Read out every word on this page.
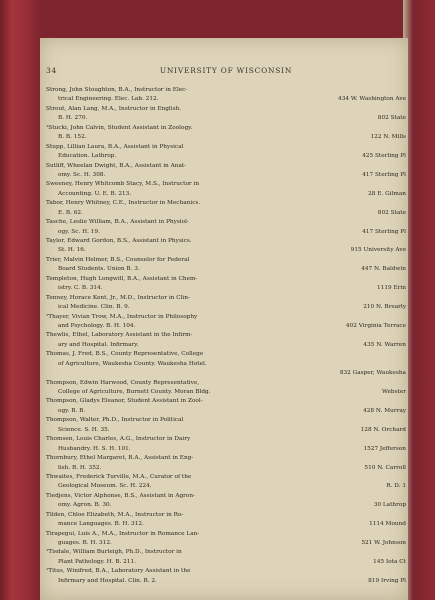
34	UNIVERSITY OF WISCONSIN
Strong, John Stoughton, B.A., Instructor in Elec-
trical Engineering. Elec. Lab. 212.	434 W. Washington Ave
Strout, Alan Lang, M.A., Instructor in English.
B. H. 270.	802 State
¹Stucki, John Calvin, Student Assistant in Zoology.
B. B. 152.	122 N. Mills
Stupp, Lillian Laura, B.A., Assistant in Physical
Education. Lathrop.	425 Sterling Pl
Sutliff, Wheelan Dwight, B.A., Assistant in Anat-
omy. Sc. H. 308.	417 Sterling Pl
Sweeney, Henry Whitcomb Stacy, M.S., Instructor in
Accounting. U. E. B. 213.	28 E. Gilman
Tabor, Henry Whitney, C.E., Instructor in Mechanics.
E. B. 62.	802 State
Tasche, Leslie William, B.A., Assistant in Physiol-
ogy. Sc. H. 19.	417 Sterling Pl
Taylor, Edward Gordon, B.S., Assistant in Physics.
St. H. 16.	915 University Ave
Trier, Malvin Helmer, B.S., Counselor for Federal
Board Students. Union B. 3.	447 N. Baldwin
Templeton, Hugh Longwill, B.A., Assistant in Chem-
istry. C. B. 314.	1119 Erin
Tenney, Horace Kent, Jr., M.D., Instructor in Clin-
ical Medicine. Clin. B. 9.	210 N. Brearly
¹Thayer, Vivian Trow, M.A., Instructor in Philosophy
and Psychology. B. H. 104.	402 Virginia Terrace
Thewlis, Ethel, Laboratory Assistant in the Infirm-
ary and Hospital. Infirmary.	435 N. Warren
Thomas, J. Fred, B.S., County Representative, College
of Agriculture, Waukesha County. Waukesha Hotel.
832 Gasper, Waukesha
Thompson, Edwin Harwood, County Representative,
College of Agriculture, Burnett County. Moran Bldg.	Webster
Thompson, Gladys Eleanor, Student Assistant in Zool-
ogy. B. B.	428 N. Murray
Thompson, Walter, Ph.D., Instructor in Political
Science. S. H. 35.	128 N. Orchard
Thomsen, Louis Charles, A.G., Instructor in Dairy
Husbandry. H. S. H. 101.	1527 Jefferson
Thornbury, Ethel Margaret, B.A., Assistant in Eng-
lish. B. H. 352.	510 N. Carroll
Thwaites, Frederick Turville, M.A., Curator of the
Geological Museum. Sc. H. 224.	R. D. 1
Tiedjens, Victor Alphonse, B.S., Assistant in Agron-
omy. Agron. B. 30.	30 Lathrop
Tilden, Chloe Elizabeth, M.A., Instructor in Ro-
mance Languages. B. H. 312.	1114 Mound
Tirapegui, Luis A., M.A., Instructor in Romance Lan-
guages. B. H. 312.	521 W. Johnson
¹Tisdale, William Burleigh, Ph.D., Instructor in
Plant Pathology. H. B. 211.	145 Iota Ct
¹Titus, Winifred, B.A., Laboratory Assistant in the
Infirmary and Hospital. Clin. B. 2.	819 Irving Pl
